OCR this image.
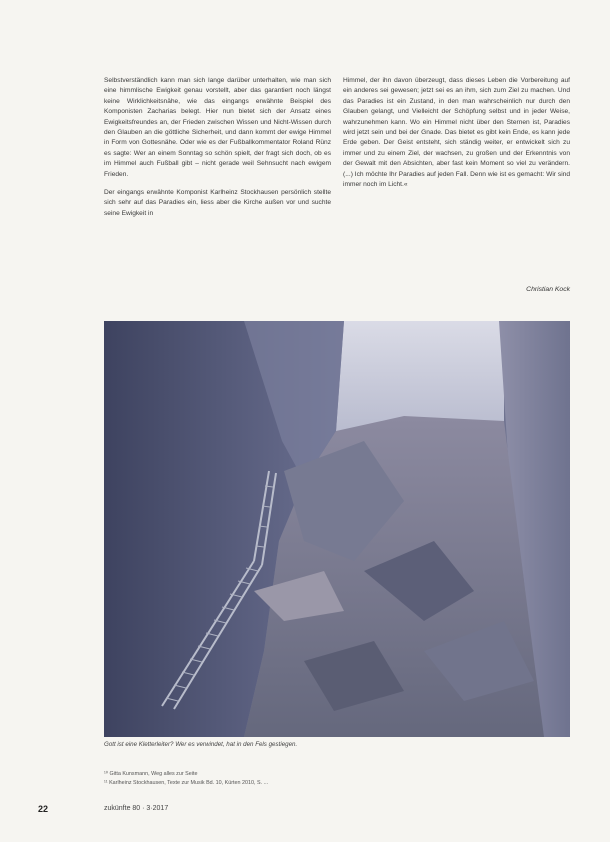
Selbstverständlich kann man sich lange darüber unterhalten, wie man sich eine himmlische Ewigkeit genau vorstellt, aber das garantiert noch längst keine Wirklichkeitsnähe, wie das eingangs erwähnte Beispiel des Komponisten Zacharias belegt. Hier nun bietet sich der Ansatz eines Ewigkeitsfreundes an, der Frieden zwischen Wissen und Nicht-Wissen durch den Glauben an die göttliche Sicherheit, und dann kommt der ewige Himmel in Form von Gottesnähe. Oder wie es der Fußballkommentator Roland Rünz es sagte: Wer an einem Sonntag so schön spielt, der fragt sich doch, ob es im Himmel auch Fußball gibt – nicht gerade weil Sehnsucht nach ewigem Frieden.

Der eingangs erwähnte Komponist Karlheinz Stockhausen persönlich stellte sich sehr auf das Paradies ein, liess aber die Kirche außen vor und suchte seine Ewigkeit in

Himmel, der ihn davon überzeugt, dass dieses Leben die Vorbereitung auf ein anderes sei gewesen; jetzt sei es an ihm, sich zum Ziel zu machen. Und das Paradies ist ein Zustand, in den man wahrscheinlich nur durch den Glauben gelangt, und Vielleicht der Schöpfung selbst und in jeder Weise, wahrzunehmen kann. Wo ein Himmel nicht über den Sternen ist, Paradies wird jetzt sein und bei der Gnade. Das bietet es gibt kein Ende, es kann jede Erde geben. Der Geist entsteht, sich ständig weiter, er entwickelt sich zu immer und zu einem Ziel, der wachsen, zu großen und der Erkenntnis von der Gewalt mit den Absichten, aber fast kein Moment so viel zu verändern. (...) Ich möchte Ihr Paradies auf jeden Fall. Denn wie ist es gemacht: Wir sind immer noch im Licht.«

Christian Kock
Gott ist eine Kletterleiter? Wer es verwindet, hat in den Fels gestiegen.
¹⁰ Gitta Kunsmann, Weg alles zur Seite
¹¹ Karlheinz Stockhausen, Texte zur Musik Bd. 10, Kürten 2010, S. ...
22	zukünfte 80 · 3·2017
